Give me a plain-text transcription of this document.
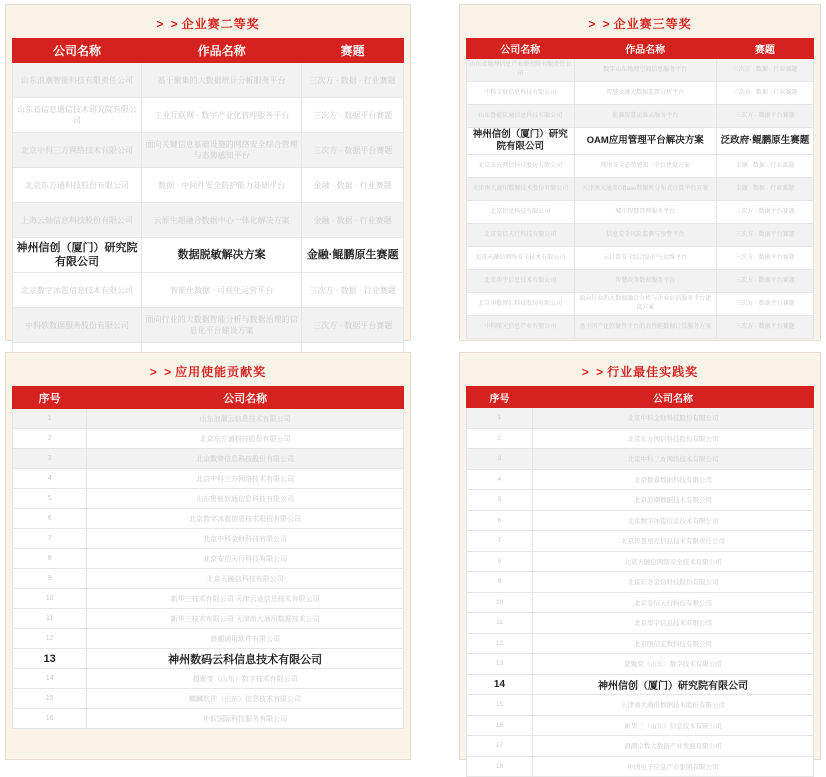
> > 企业赛二等奖
公司名称	作品名称	赛题
山东浪潮智能科技有限责任公司	基于聚集的大数据统计分析服务平台	三次方 · 数据 · 行业赛题
山东省信息通信技术研究院有限公司	工业互联网 · 数字产业化管理服务平台	三次方 · 数据平台赛题
北京中科三方网络技术有限公司	面向关键信息基础设施的网络安全综合管理与态势感知平台	三次方 · 数据平台赛题
北京东方通科技股份有限公司	数据 · 中间件安全防护能力基础平台	金融 · 数据 · 行业赛题
上海云轴信息科技股份有限公司	云原生超融合数据中心一体化解决方案	金融 · 数据 · 行业赛题
神州信创（厦门）研究院有限公司	数据脱敏解决方案	金融·鲲鹏原生赛题
北京数字冰雹信息技术有限公司	智能化数据 · 可视化运营平台	三次方 · 数据 · 行业赛题
中科软数据服务股份有限公司	面向行业的大数据智能分析与数据治理的信息化平台建设方案	三次方 · 数据平台赛题

> > 企业赛三等奖
公司名称	作品名称	赛题
山东省地理信息产业研究院有限责任公司	数字山东地理空间信息服务平台	三次方 · 数据 · 行业赛题
中科金财信息科技有限公司	智慧金融大数据监管分析平台	三次方 · 数据 · 行业赛题
山东鲁能软通信息科技有限公司	能源智慧运维云服务平台	三次方 · 数据平台赛题
神州信创（厦门）研究院有限公司	OAM应用管理平台解决方案	泛政府·鲲鹏原生赛题
北京东方网信科技股份有限公司	网络安全态势感知 · 中台建设方案	金融 · 数据 · 行业赛题
天津南大通用数据技术股份有限公司	天津南大通用GBase数据库分布式计算平台方案	金融 · 数据 · 行业赛题
北京信息科技有限公司	城市智慧管理服务平台	三次方 · 数据平台赛题
北京安信天行科技有限公司	信息安全风险监测与预警平台	三次方 · 数据平台赛题
北京天融信网络安全技术有限公司	云计算安全综合防护与运维平台	三次方 · 数据平台赛题
北京华宇信息技术有限公司	智慧政务数据服务平台	三次方 · 数据平台赛题
北京中数智汇科技股份有限公司	面向行业的大数据融合分析与企业征信服务平台建设方案	三次方 · 数据平台赛题
中科曙光信息产业有限公司	基于国产化软硬件平台的高性能数据计算服务方案	三次方 · 数据平台赛题
> > 应用使能贡献奖
序号	公司名称
1	山东浪潮云信息技术有限公司
2	北京东方通科技股份有限公司
3	北京数梦信息科技股份有限公司
4	北京中科三方网络技术有限公司
5	山东鲁能软通信息科技有限公司
6	北京数字冰雹信息技术股份有限公司
7	北京中科金财科技有限公司
8	北京安信天行科技有限公司
9	北京天融信科技有限公司
10	新华三技术有限公司 天津云途信息技术有限公司
11	新华三技术有限公司 天津南大通用数据技术公司
12	浪潮通用软件有限公司
13	神州数码云科信息技术有限公司
14	超聚变（山东）数字技术有限公司
15	麒麟软件（山东）信息技术有限公司
16	中软国际科技服务有限公司
> > 行业最佳实践奖
序号	公司名称
1	北京中科金财科技股份有限公司
2	北京东方国信科技股份有限公司
3	北京中科三方网络技术有限公司
4	北京数睿数据科技有限公司
5	北京浪潮数据技术有限公司
6	北京数字冰雹信息技术有限公司
7	北京智慧星光信息技术有限责任公司
8	北京天融信网络安全技术有限公司
9	北京东方金信科技股份有限公司
10	北京安信天行科技有限公司
11	北京华宇信息技术有限公司
12	北京国信宏数科技有限公司
13	超聚变（山东）数字技术有限公司
14	神州信创（厦门）研究院有限公司
15	天津南大通用数据技术股份有限公司
16	新华三（山东）信息技术有限公司
17	浪潮卓数大数据产业发展有限公司
18	中国电子信息产业集团有限公司
